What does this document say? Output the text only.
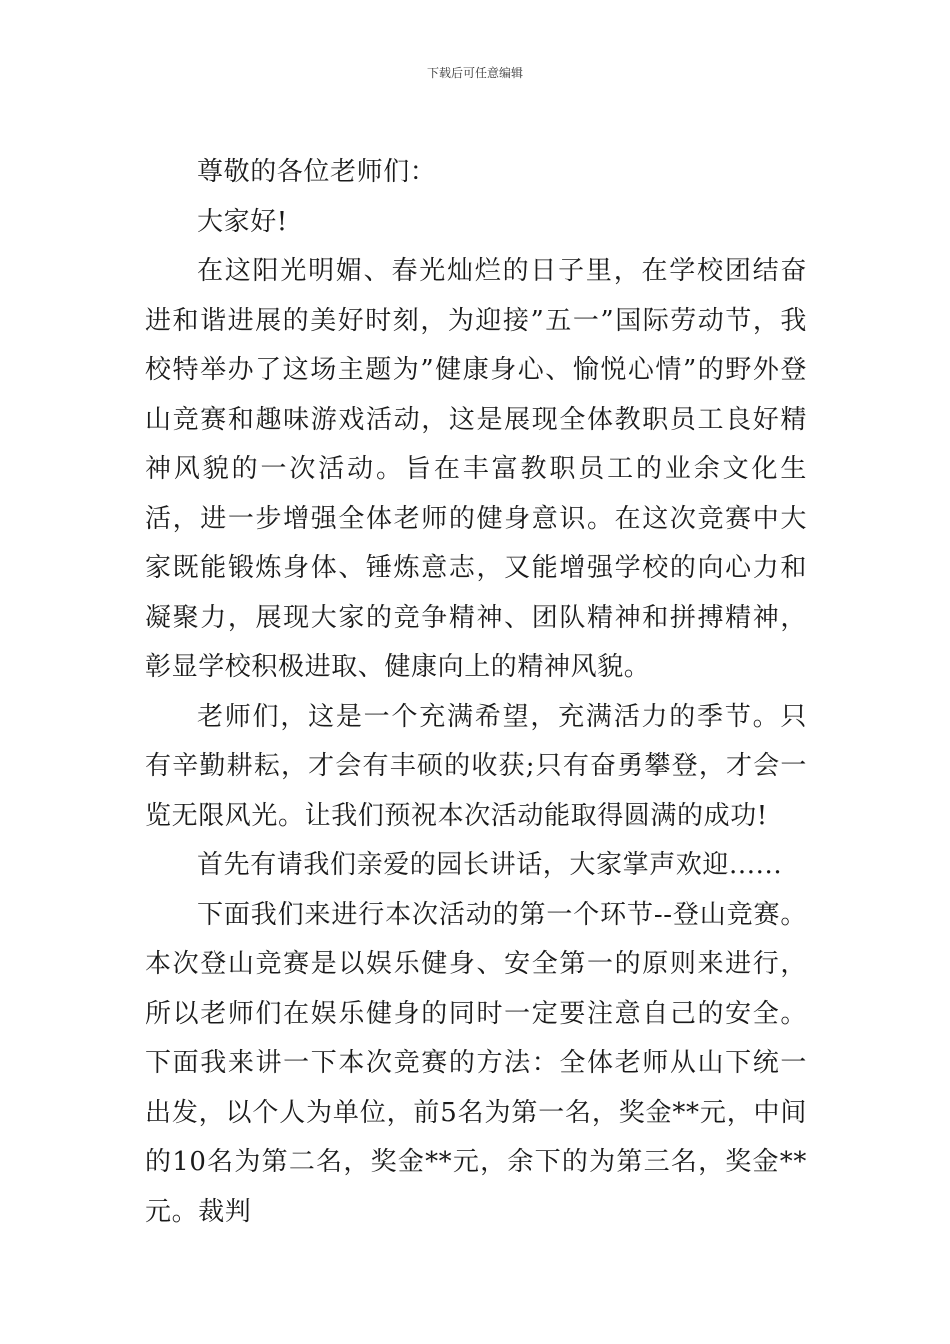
下载后可任意编辑

尊敬的各位老师们：

大家好!

在这阳光明媚、春光灿烂的日子里，在学校团结奋进和谐进展的美好时刻，为迎接”五一”国际劳动节，我校特举办了这场主题为”健康身心、愉悦心情”的野外登山竞赛和趣味游戏活动，这是展现全体教职员工良好精神风貌的一次活动。旨在丰富教职员工的业余文化生活，进一步增强全体老师的健身意识。在这次竞赛中大家既能锻炼身体、锤炼意志，又能增强学校的向心力和凝聚力，展现大家的竞争精神、团队精神和拼搏精神，彰显学校积极进取、健康向上的精神风貌。

老师们，这是一个充满希望，充满活力的季节。只有辛勤耕耘，才会有丰硕的收获;只有奋勇攀登，才会一览无限风光。让我们预祝本次活动能取得圆满的成功!

首先有请我们亲爱的园长讲话，大家掌声欢迎......

下面我们来进行本次活动的第一个环节--登山竞赛。本次登山竞赛是以娱乐健身、安全第一的原则来进行，所以老师们在娱乐健身的同时一定要注意自己的安全。下面我来讲一下本次竞赛的方法：全体老师从山下统一出发，以个人为单位，前5名为第一名，奖金**元，中间的10名为第二名，奖金**元，余下的为第三名，奖金**元。裁判
